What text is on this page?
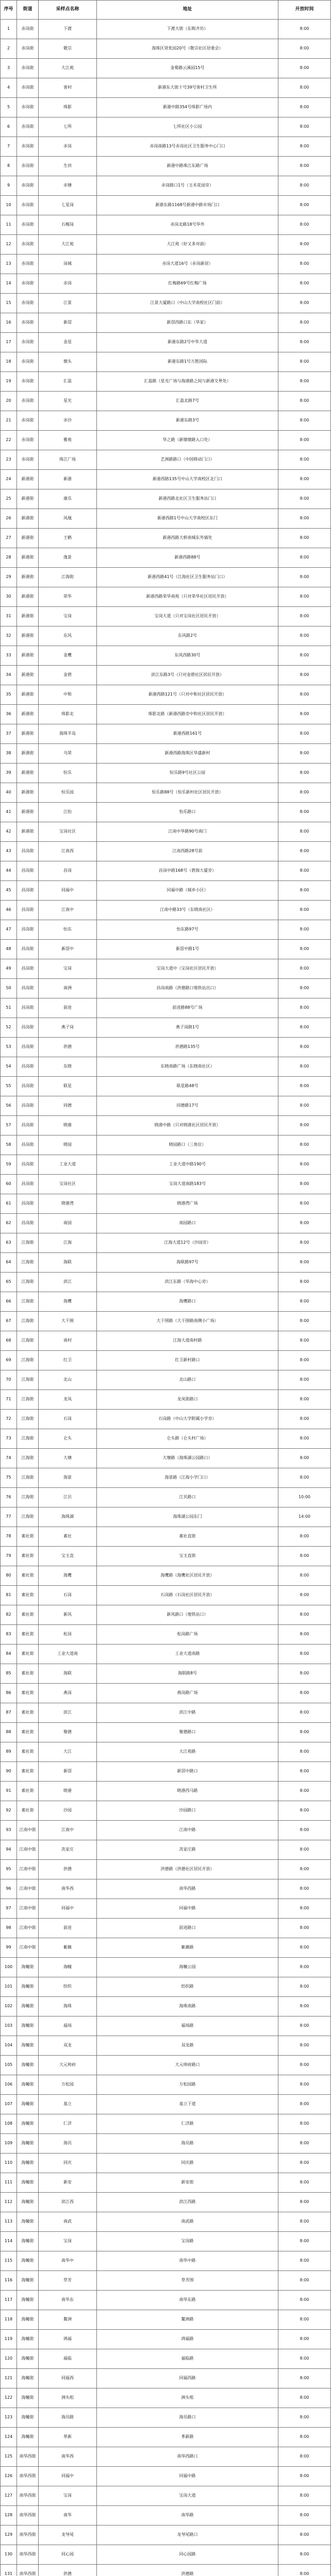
序号	街道	采样点名称	地址	开放时间
1	赤岗街	下渡	下渡大街（东购齐坊）	8:00
2	赤岗街	敬宗	海珠区贤优园20号（敬宗社区居委会）	8:00
3	赤岗街	大江苑	金菊路云溪园15号	8:00
4	赤岗街	客村	新港东大街十号39号客村卫生所	8:00
5	赤岗街	珠影	新港中路354号珠影广场内	8:00
6	赤岗街	七所	七所社区小公园	8:00
7	赤岗街	赤岗	赤岗南路13号赤岗社区卫生服务中心门口	8:00
8	赤岗街	生田	新港中路珠江东路广场	8:00
9	赤岗街	赤塘	赤岗路口1号（玉禾花园旁）	8:00
10	赤岗街	七星岗	新港东路1168号新港中路市场门口	8:00
11	赤岗街	石榴岗	赤岗北路18号华外	8:00
12	赤岗街	大江苑	大江苑（好又多对面）	8:00
13	赤岗街	岗城	赤岗大道16号（赤岗新居）	8:00
14	赤岗街	赤岗	红梅路69号红梅广场	8:00
15	赤岗街	江景	江景大厦路口（中山大学南校社区门前）	8:00
16	赤岗街	新滘	新滘西路口东（华家）	8:00
17	赤岗街	金星	新港东路2号中华大道	8:00
18	赤岗街	墩头	新港东路1号万胜国际	8:00
19	赤岗街	汇盈	汇盈路（星光广场与海港路之间与新港交界处）	8:00
20	赤岗街	星光	汇盈北路7号	8:00
21	赤岗街	赤沙	新港东路3号	8:00
22	赤岗街	雅苑	华之路（新墩墩路入口处）	8:00
23	赤岗街	珠江广场	艺洲路路口（中国移动门口）	8:00
24	新港街	新港	新港西路135号中山大学南校区北门口	8:00
25	新港街	康乐	新港西路北社区卫生服务站门口	8:00
26	新港街	凤凰	新港西路1号中山大学南校区东门	8:00
27	新港街	王鹤	新港西路大桥南城东外墙处	8:00
28	新港街	逸景	新港西路88号	8:00
29	新港街	江海街	新港西路41号（江海社区卫生服务站门口）	8:00
30	新港街	荣华	新港西路荣华南苑（只对荣华社区居民开放）	8:00
31	新港街	宝岗	宝岗大道（只对宝岗社区居民开放）	8:00
32	新港街	东风	东风路2号	8:00
33	新港街	金鹰	东风西路30号	8:00
34	新港街	金碧	滨江东路3号（只对金碧社区居民开放）	8:00
35	新港街	中和	新港西路121号（只对中和社区居民开放）	8:00
36	新港街	珠影北	珠影北路（新港西路旁中和社区居民开放）	8:00
37	新港街	海珠半岛	新港西路161号	8:00
38	新港街	乌荣	新港西路海珠区华盛新村	8:00
39	新港街	恒乐	恒乐路9号社区公园	8:00
40	新港街	恒乐园	恒乐路88号（恒乐新村社区居民开放）	8:00
41	新港街	江怡	怡乐路口	8:00
42	新港街	宝岗社区	江南中华路90号南门	8:00
43	昌岗街	江南西	江南西路28号前	8:00
44	昌岗街	昌岗	昌岗中路168号（碧海大厦旁）	8:00
45	昌岗街	同福中	同福中路（城乡小区）	8:00
46	昌岗街	江南中	江南中路33号（东晓南社区）	8:00
47	昌岗街	怡东	怡东路97号	8:00
48	昌岗街	新滘中	新滘中路1号	8:00
49	昌岗街	宝岗	宝岗大道中（宝岗社区居民开放）	8:00
50	昌岗街	南洲	昌岗南路（洪德路口地铁站出口）	8:00
51	昌岗街	前进	前进路88号广场	8:00
52	昌岗街	燕子岗	燕子岗路1号	8:00
53	昌岗街	洪德	洪德路135号	8:00
54	昌岗街	东晓	东晓南路广场（东晓南社区）	8:00
55	昌岗街	联星	联星路48号	8:00
56	昌岗街	同德	同德路17号	8:00
57	昌岗街	晓港	晓港中路（只对晓港社区居民开放）	8:00
58	昌岗街	晓园	晓园路口（三角位）	8:00
59	昌岗街	工业大道	工业大道中路190号	8:00
60	昌岗街	宝岗社区	宝岗大道南路183号	8:00
61	昌岗街	晓港湾	晓港湾广场	8:00
62	昌岗街	南园	南园路口	8:00
63	江海街	江海	江海大道12号（沙园旁）	8:00
64	江海街	海联	海联路97号	8:00
65	江海街	滨江	滨江东路（华海中心旁）	8:00
66	江海街	海鹰	海鹰路口	8:00
67	江海街	大干围	大干围路（大干围路南侧小广场）	8:00
68	江海街	南村	江海大道南村路	8:00
69	江海街	红卫	红卫新村路口	8:00
70	江海街	北山	北山路口	8:00
71	江海街	龙凤	龙凤街路口	8:00
72	江海街	石岗	石岗路（中山大学附属小学旁）	8:00
73	江海街	仑头	仑头路（仑头村广场）	8:00
74	江海街	大塘	大塘路（海珠湖公园路口）	8:00
75	江海街	海景	海景路（江海小学门口）	8:00
76	江海街	江贝	江贝路口	10:00
77	江海街	海珠湖	海珠湖公园东门	14:00
78	素社街	素社	素社直街	8:00
79	素社街	宝玉直	宝玉直街	8:00
80	素社街	海鹰	海鹰路（海鹰社区居民开放）	8:00
81	素社街	石岗	石岗路（石岗社区居民开放）	8:00
82	素社街	新风	新风路口（地铁站口）	8:00
83	素社街	松岗	松岗路广场	8:00
84	素社街	工业大道南	工业大道南路	8:00
85	素社街	海联	海联路8号	8:00
86	素社街	燕岗	燕岗路广场	8:00
87	素社街	滨江	滨江中路	8:00
88	素社街	聚德	聚德路口	8:00
89	素社街	大江	大江苑路	8:00
90	素社街	新滘	新滘中路口	8:00
91	素社街	晓港	晓港西马路	8:00
92	素社街	沙园	沙园路口	8:00
93	江南中街	江南中	江南中路	8:00
94	江南中街	冼家庄	冼家庄路	8:00
95	江南中街	洪德	洪德路（洪德社区居民开放）	8:00
96	江南中街	南华西	南华西路	8:00
97	江南中街	同福中	同福中路	8:00
98	江南中街	前进	前进路口	8:00
99	江南中街	紫薇	紫薇路	8:00
100	海幢街	海幢	海幢公园	8:00
101	海幢街	纺织	纺织路	8:00
102	海幢街	海珠	海珠南路	8:00
103	海幢街	福场	福场路	8:00
104	海幢街	双龙	双龙路	8:00
105	海幢街	大元帅府	大元帅府路口	8:00
106	海幢街	万松园	万松园路	8:00
107	海幢街	基立	基立下道	8:00
108	海幢街	仁济	仁济路	8:00
109	海幢街	海员	海员路	8:00
110	海幢街	同庆	同庆路	8:00
111	海幢街	新安	新安街	8:00
112	海幢街	滨江西	滨江西路	8:00
113	海幢街	南武	南武路	8:00
114	海幢街	宝岗	宝岗路	8:00
115	海幢街	南华中	南华中路	8:00
116	海幢街	草芳	草芳围	8:00
117	海幢街	南华东	南华东路	8:00
118	海幢街	鳌洲	鳌洲路	8:00
119	海幢街	鸿福	鸿福路	8:00
120	海幢街	福临	福临路	8:00
121	海幢街	同福西	同福西路	8:00
122	海幢街	洲头咀	洲头咀	8:00
123	海幢街	海员路	海员路口	8:00
124	海幢街	革新	革新路	8:00
125	南华西街	南华西	南华西路口	8:00
126	南华西街	同福中	同福中路	8:00
127	南华西街	宝岗	宝岗大道	8:00
128	南华西街	南华	南华路	8:00
129	南华西街	龙导尾	龙导尾路口	8:00
130	南华西街	同心园	同心园路	8:00
131	南华西街	洪德	洪德路	8:00
